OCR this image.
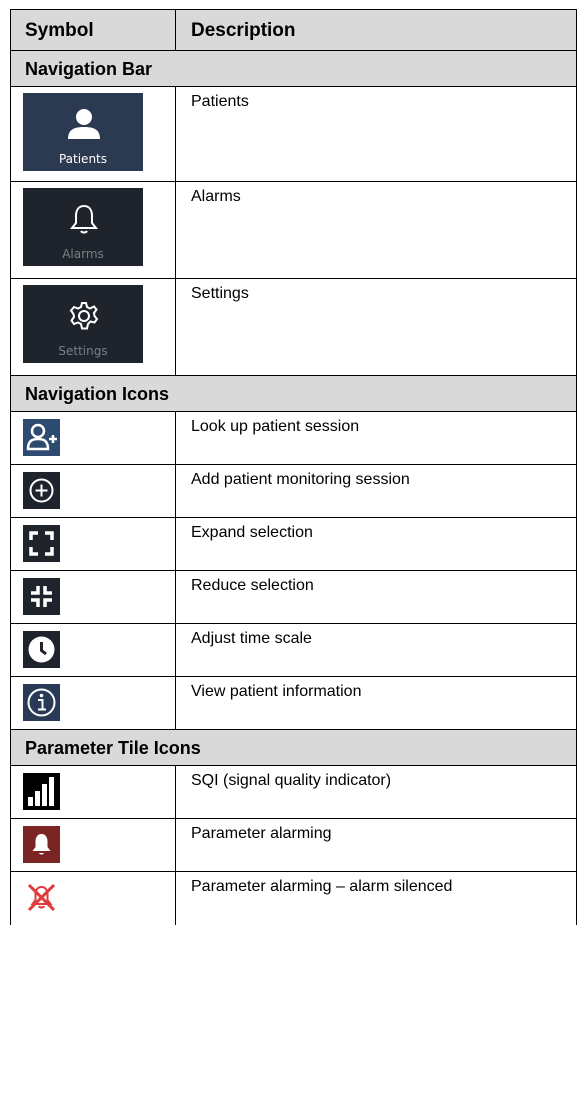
Symbol	Description
Navigation Bar
Patients
Patients
Alarms
Alarms
Settings
Settings
Navigation Icons
Look up patient session
Add patient monitoring session
Expand selection
Reduce selection
Adjust time scale
View patient information
Parameter Tile Icons
SQI (signal quality indicator)
Parameter alarming
Parameter alarming – alarm silenced
